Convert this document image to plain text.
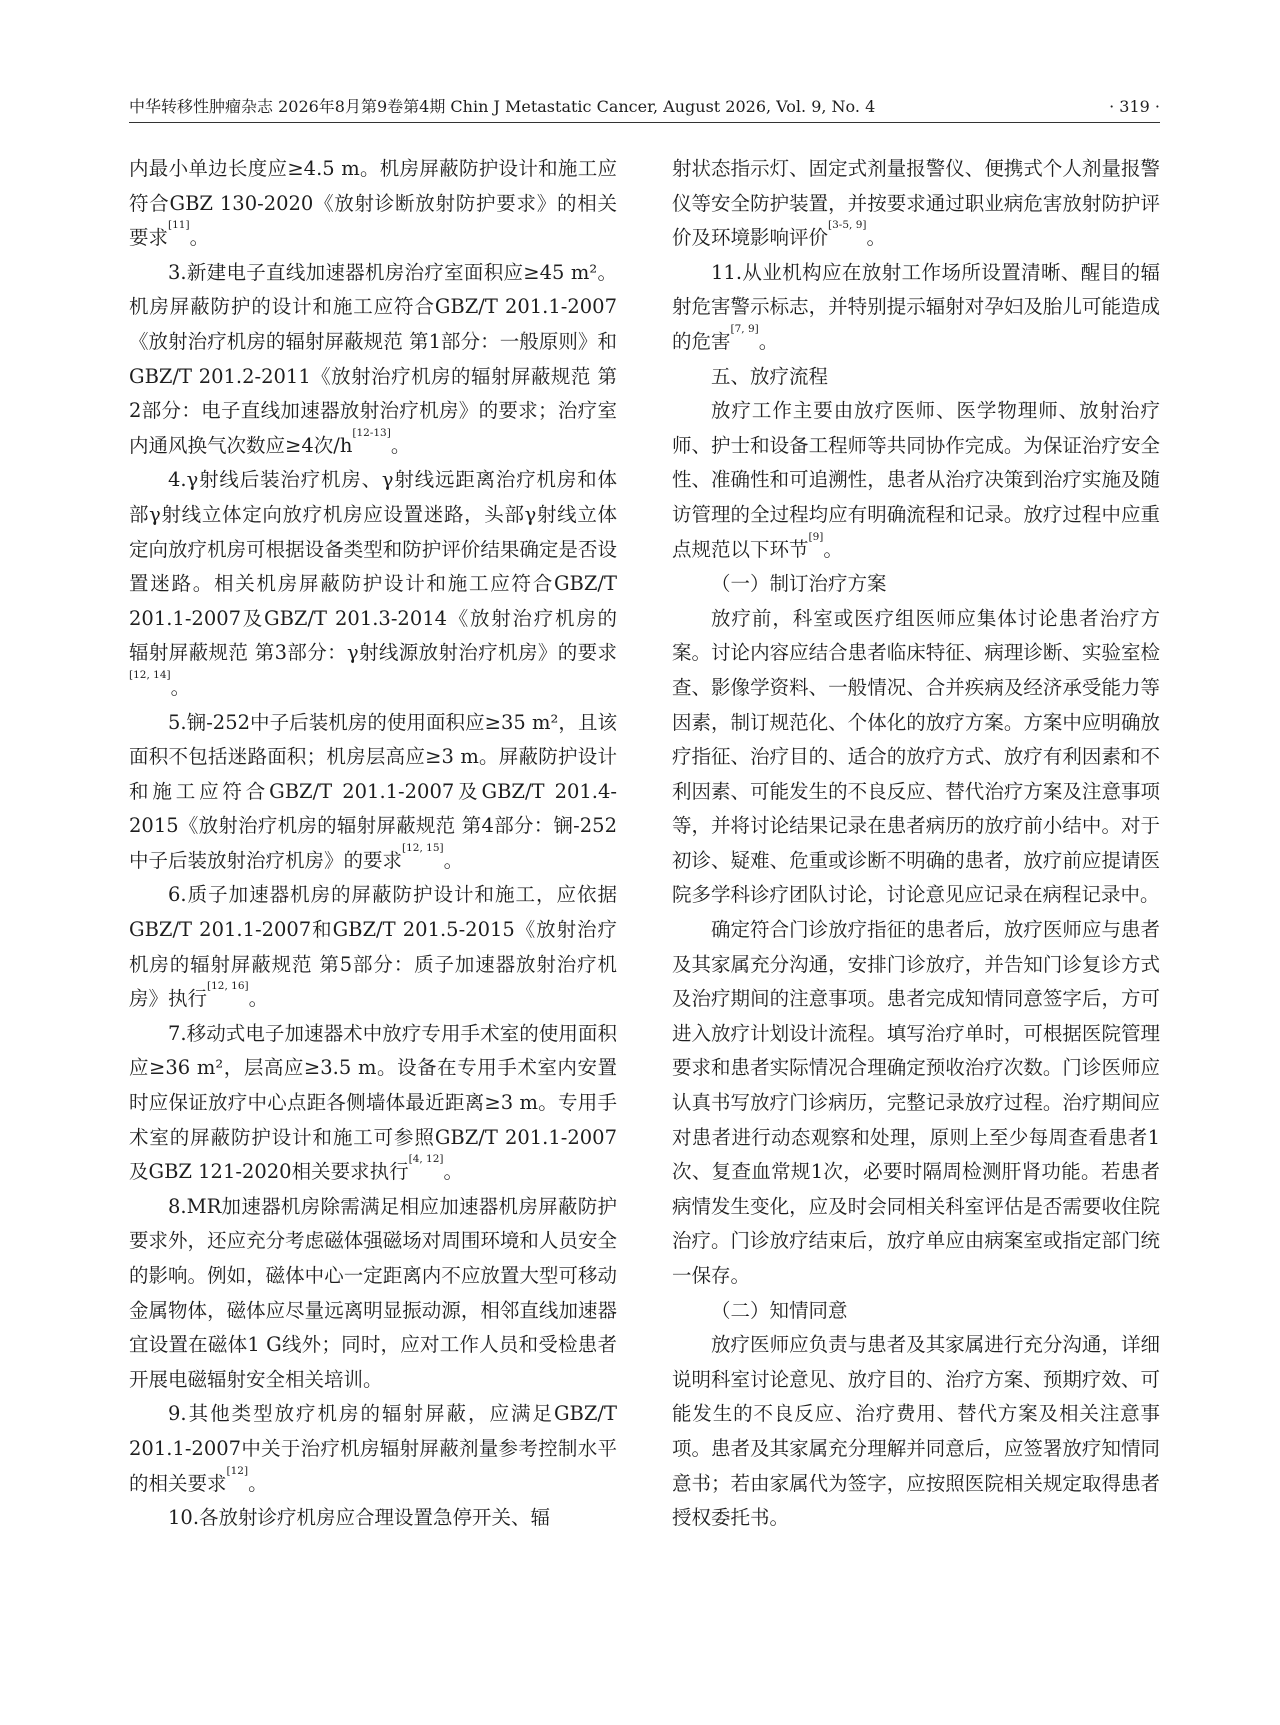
中华转移性肿瘤杂志 2026年8月第9卷第4期 Chin J Metastatic Cancer, August 2026, Vol. 9, No. 4	· 319 ·

内最小单边长度应≥4.5 m。机房屏蔽防护设计和施工应符合GBZ 130-2020《放射诊断放射防护要求》的相关要求[11]。

3.新建电子直线加速器机房治疗室面积应≥45 m²。机房屏蔽防护的设计和施工应符合GBZ/T 201.1-2007《放射治疗机房的辐射屏蔽规范 第1部分：一般原则》和GBZ/T 201.2-2011《放射治疗机房的辐射屏蔽规范 第2部分：电子直线加速器放射治疗机房》的要求；治疗室内通风换气次数应≥4次/h[12-13]。

4.γ射线后装治疗机房、γ射线远距离治疗机房和体部γ射线立体定向放疗机房应设置迷路，头部γ射线立体定向放疗机房可根据设备类型和防护评价结果确定是否设置迷路。相关机房屏蔽防护设计和施工应符合GBZ/T 201.1-2007及GBZ/T 201.3-2014《放射治疗机房的辐射屏蔽规范 第3部分：γ射线源放射治疗机房》的要求[12, 14]。

5.锎-252中子后装机房的使用面积应≥35 m²，且该面积不包括迷路面积；机房层高应≥3 m。屏蔽防护设计和施工应符合GBZ/T 201.1-2007及GBZ/T 201.4-2015《放射治疗机房的辐射屏蔽规范 第4部分：锎-252中子后装放射治疗机房》的要求[12, 15]。

6.质子加速器机房的屏蔽防护设计和施工，应依据GBZ/T 201.1-2007和GBZ/T 201.5-2015《放射治疗机房的辐射屏蔽规范 第5部分：质子加速器放射治疗机房》执行[12, 16]。

7.移动式电子加速器术中放疗专用手术室的使用面积应≥36 m²，层高应≥3.5 m。设备在专用手术室内安置时应保证放疗中心点距各侧墙体最近距离≥3 m。专用手术室的屏蔽防护设计和施工可参照GBZ/T 201.1-2007及GBZ 121-2020相关要求执行[4, 12]。

8.MR加速器机房除需满足相应加速器机房屏蔽防护要求外，还应充分考虑磁体强磁场对周围环境和人员安全的影响。例如，磁体中心一定距离内不应放置大型可移动金属物体，磁体应尽量远离明显振动源，相邻直线加速器宜设置在磁体1 G线外；同时，应对工作人员和受检患者开展电磁辐射安全相关培训。

9.其他类型放疗机房的辐射屏蔽，应满足GBZ/T 201.1-2007中关于治疗机房辐射屏蔽剂量参考控制水平的相关要求[12]。

10.各放射诊疗机房应合理设置急停开关、辐

射状态指示灯、固定式剂量报警仪、便携式个人剂量报警仪等安全防护装置，并按要求通过职业病危害放射防护评价及环境影响评价[3-5, 9]。

11.从业机构应在放射工作场所设置清晰、醒目的辐射危害警示标志，并特别提示辐射对孕妇及胎儿可能造成的危害[7, 9]。

五、放疗流程

放疗工作主要由放疗医师、医学物理师、放射治疗师、护士和设备工程师等共同协作完成。为保证治疗安全性、准确性和可追溯性，患者从治疗决策到治疗实施及随访管理的全过程均应有明确流程和记录。放疗过程中应重点规范以下环节[9]。

（一）制订治疗方案

放疗前，科室或医疗组医师应集体讨论患者治疗方案。讨论内容应结合患者临床特征、病理诊断、实验室检查、影像学资料、一般情况、合并疾病及经济承受能力等因素，制订规范化、个体化的放疗方案。方案中应明确放疗指征、治疗目的、适合的放疗方式、放疗有利因素和不利因素、可能发生的不良反应、替代治疗方案及注意事项等，并将讨论结果记录在患者病历的放疗前小结中。对于初诊、疑难、危重或诊断不明确的患者，放疗前应提请医院多学科诊疗团队讨论，讨论意见应记录在病程记录中。

确定符合门诊放疗指征的患者后，放疗医师应与患者及其家属充分沟通，安排门诊放疗，并告知门诊复诊方式及治疗期间的注意事项。患者完成知情同意签字后，方可进入放疗计划设计流程。填写治疗单时，可根据医院管理要求和患者实际情况合理确定预收治疗次数。门诊医师应认真书写放疗门诊病历，完整记录放疗过程。治疗期间应对患者进行动态观察和处理，原则上至少每周查看患者1次、复查血常规1次，必要时隔周检测肝肾功能。若患者病情发生变化，应及时会同相关科室评估是否需要收住院治疗。门诊放疗结束后，放疗单应由病案室或指定部门统一保存。

（二）知情同意

放疗医师应负责与患者及其家属进行充分沟通，详细说明科室讨论意见、放疗目的、治疗方案、预期疗效、可能发生的不良反应、治疗费用、替代方案及相关注意事项。患者及其家属充分理解并同意后，应签署放疗知情同意书；若由家属代为签字，应按照医院相关规定取得患者授权委托书。
